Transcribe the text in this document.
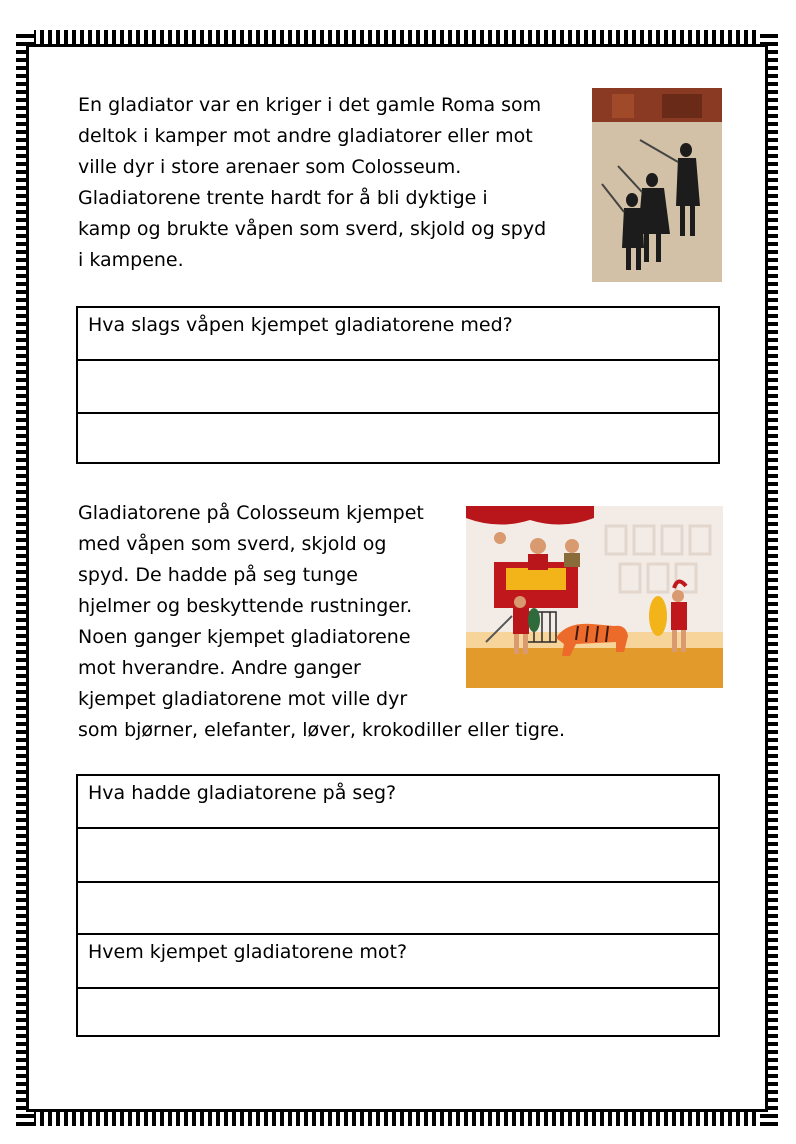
En gladiator var en kriger i det gamle Roma som
deltok i kamper mot andre gladiatorer eller mot
ville dyr i store arenaer som Colosseum.
Gladiatorene trente hardt for å bli dyktige i
kamp og brukte våpen som sverd, skjold og spyd
i kampene.
Hva slags våpen kjempet gladiatorene med?
Gladiatorene på Colosseum kjempet
med våpen som sverd, skjold og
spyd. De hadde på seg tunge
hjelmer og beskyttende rustninger.
Noen ganger kjempet gladiatorene
mot hverandre. Andre ganger
kjempet gladiatorene mot ville dyr
som bjørner, elefanter, løver, krokodiller eller tigre.
Hva hadde gladiatorene på seg?
Hvem kjempet gladiatorene mot?
